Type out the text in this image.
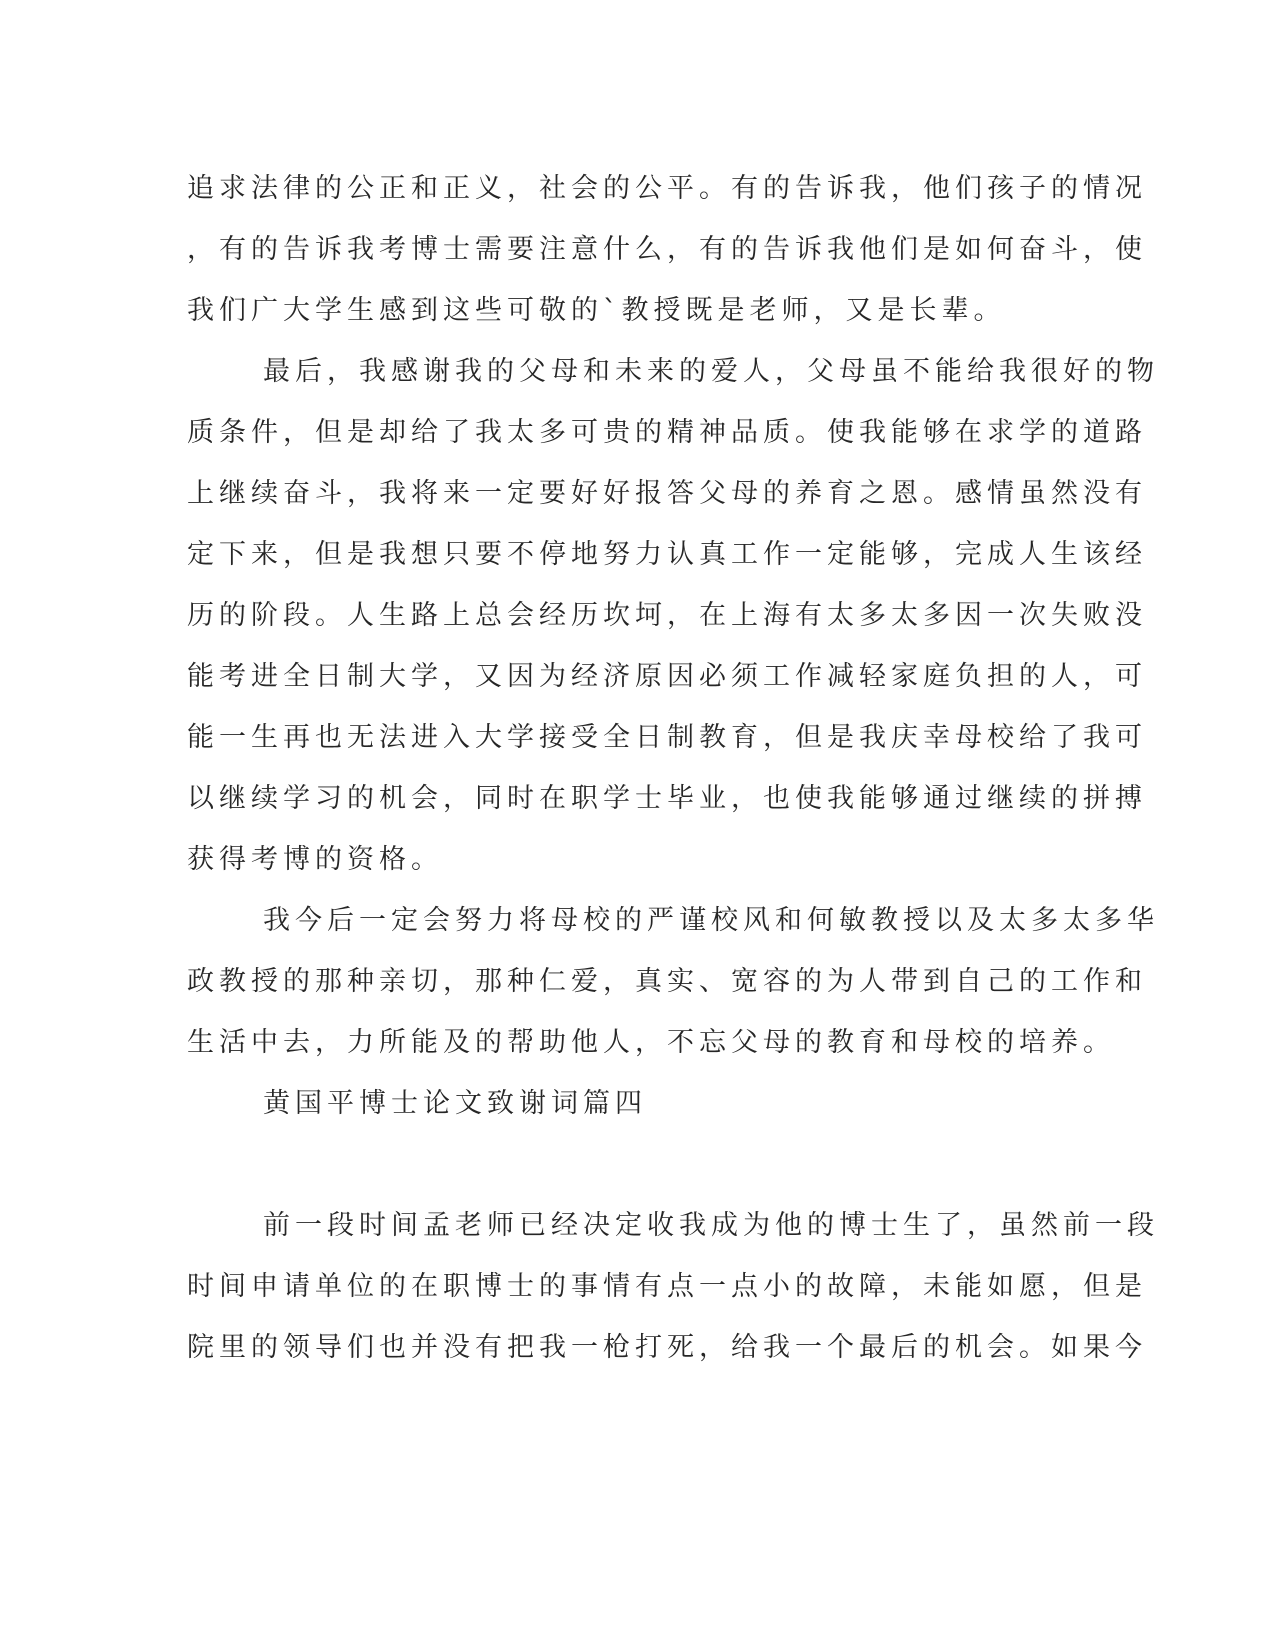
追求法律的公正和正义，社会的公平。有的告诉我，他们孩子的情况

，有的告诉我考博士需要注意什么，有的告诉我他们是如何奋斗，使

我们广大学生感到这些可敬的`教授既是老师，又是长辈。

最后，我感谢我的父母和未来的爱人，父母虽不能给我很好的物

质条件，但是却给了我太多可贵的精神品质。使我能够在求学的道路

上继续奋斗，我将来一定要好好报答父母的养育之恩。感情虽然没有

定下来，但是我想只要不停地努力认真工作一定能够，完成人生该经

历的阶段。人生路上总会经历坎坷，在上海有太多太多因一次失败没

能考进全日制大学，又因为经济原因必须工作减轻家庭负担的人，可

能一生再也无法进入大学接受全日制教育，但是我庆幸母校给了我可

以继续学习的机会，同时在职学士毕业，也使我能够通过继续的拼搏

获得考博的资格。

我今后一定会努力将母校的严谨校风和何敏教授以及太多太多华

政教授的那种亲切，那种仁爱，真实、宽容的为人带到自己的工作和

生活中去，力所能及的帮助他人，不忘父母的教育和母校的培养。

黄国平博士论文致谢词篇四

前一段时间孟老师已经决定收我成为他的博士生了，虽然前一段

时间申请单位的在职博士的事情有点一点小的故障，未能如愿，但是

院里的领导们也并没有把我一枪打死，给我一个最后的机会。如果今
